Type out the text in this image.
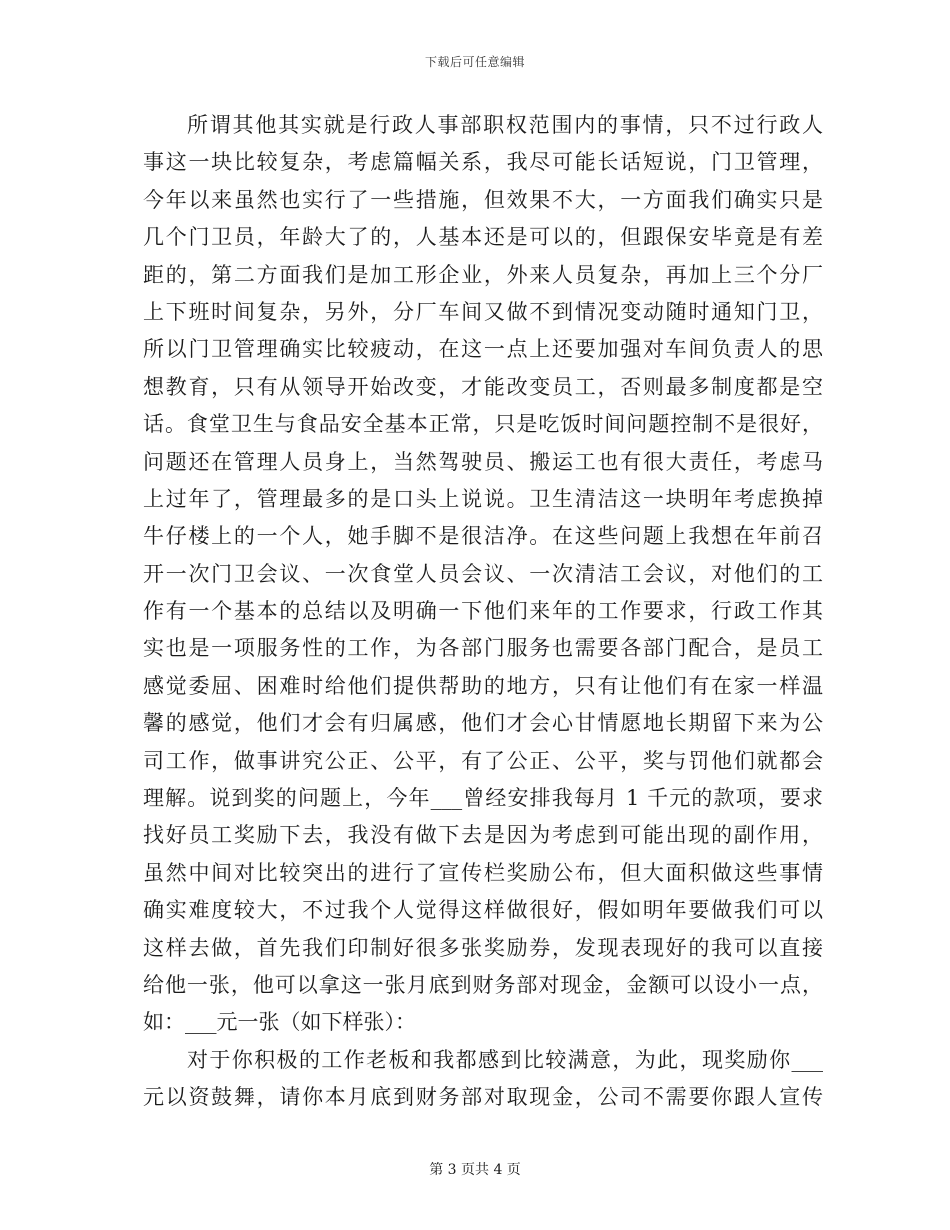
下载后可任意编辑
所谓其他其实就是行政人事部职权范围内的事情，只不过行政人
事这一块比较复杂，考虑篇幅关系，我尽可能长话短说，门卫管理，
今年以来虽然也实行了一些措施，但效果不大，一方面我们确实只是
几个门卫员，年龄大了的，人基本还是可以的，但跟保安毕竟是有差
距的，第二方面我们是加工形企业，外来人员复杂，再加上三个分厂
上下班时间复杂，另外，分厂车间又做不到情况变动随时通知门卫，
所以门卫管理确实比较疲动，在这一点上还要加强对车间负责人的思
想教育，只有从领导开始改变，才能改变员工，否则最多制度都是空
话。食堂卫生与食品安全基本正常，只是吃饭时间问题控制不是很好，
问题还在管理人员身上，当然驾驶员、搬运工也有很大责任，考虑马
上过年了，管理最多的是口头上说说。卫生清洁这一块明年考虑换掉
牛仔楼上的一个人，她手脚不是很洁净。在这些问题上我想在年前召
开一次门卫会议、一次食堂人员会议、一次清洁工会议，对他们的工
作有一个基本的总结以及明确一下他们来年的工作要求，行政工作其
实也是一项服务性的工作，为各部门服务也需要各部门配合，是员工
感觉委屈、困难时给他们提供帮助的地方，只有让他们有在家一样温
馨的感觉，他们才会有归属感，他们才会心甘情愿地长期留下来为公
司工作，做事讲究公正、公平，有了公正、公平，奖与罚他们就都会
理解。说到奖的问题上，今年___曾经安排我每月 1 千元的款项，要求
找好员工奖励下去，我没有做下去是因为考虑到可能出现的副作用，
虽然中间对比较突出的进行了宣传栏奖励公布，但大面积做这些事情
确实难度较大，不过我个人觉得这样做很好，假如明年要做我们可以
这样去做，首先我们印制好很多张奖励券，发现表现好的我可以直接
给他一张，他可以拿这一张月底到财务部对现金，金额可以设小一点，
如：___元一张（如下样张）：
对于你积极的工作老板和我都感到比较满意，为此，现奖励你___
元以资鼓舞，请你本月底到财务部对取现金，公司不需要你跟人宣传
第 3 页共 4 页
